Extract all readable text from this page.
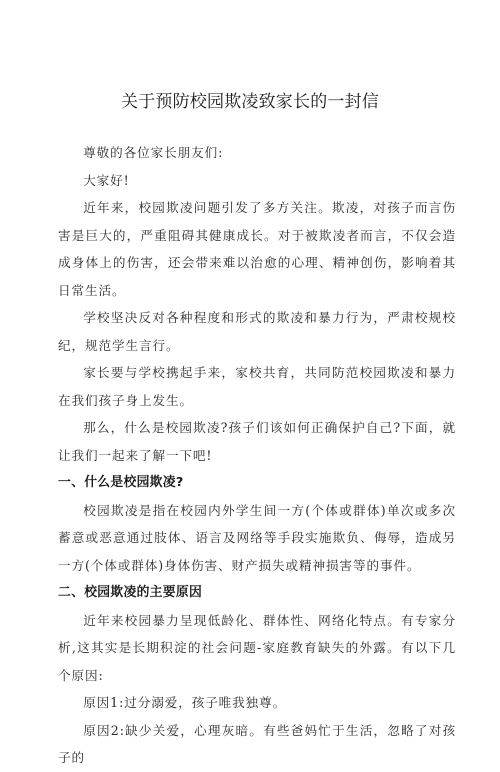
关于预防校园欺凌致家长的一封信

尊敬的各位家长朋友们:

大家好!

近年来，校园欺凌问题引发了多方关注。欺凌，对孩子而言伤害是巨大的，严重阻碍其健康成长。对于被欺凌者而言，不仅会造成身体上的伤害，还会带来难以治愈的心理、精神创伤，影响着其日常生活。

学校坚决反对各种程度和形式的欺凌和暴力行为，严肃校规校纪，规范学生言行。

家长要与学校携起手来，家校共育，共同防范校园欺凌和暴力在我们孩子身上发生。

那么，什么是校园欺凌?孩子们该如何正确保护自己?下面，就让我们一起来了解一下吧!

一、什么是校园欺凌?

校园欺凌是指在校园内外学生间一方(个体或群体)单次或多次蓄意或恶意通过肢体、语言及网络等手段实施欺负、侮辱，造成另一方(个体或群体)身体伤害、财产损失或精神损害等的事件。

二、校园欺凌的主要原因

近年来校园暴力呈现低龄化、群体性、网络化特点。有专家分析,这其实是长期积淀的社会问题-家庭教育缺失的外露。有以下几个原因:

原因1:过分溺爱，孩子唯我独尊。

原因2:缺少关爱，心理灰暗。有些爸妈忙于生活，忽略了对孩子的
